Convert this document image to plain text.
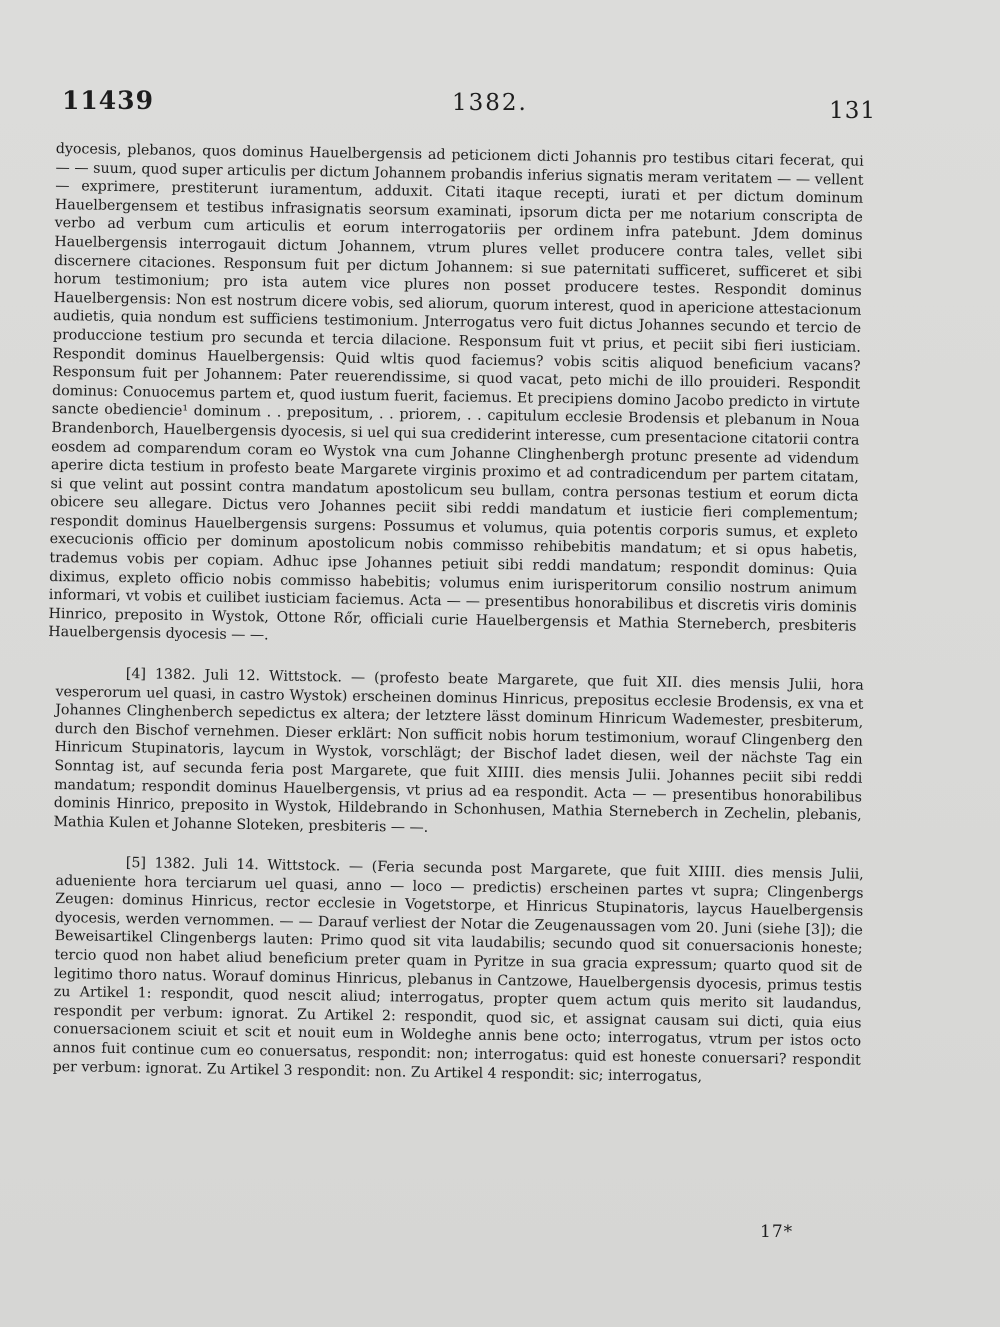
11439	1382.	131

dyocesis, plebanos, quos dominus Hauelbergensis ad peticionem dicti Johannis pro testibus citari fecerat, qui — — suum, quod super articulis per dictum Johannem probandis inferius signatis meram veritatem — — vellent — exprimere, prestiterunt iuramentum, adduxit. Citati itaque recepti, iurati et per dictum dominum Hauelbergensem et testibus infrasignatis seorsum examinati, ipsorum dicta per me notarium conscripta de verbo ad verbum cum articulis et eorum interrogatoriis per ordinem infra patebunt. Jdem dominus Hauelbergensis interrogauit dictum Johannem, vtrum plures vellet producere contra tales, vellet sibi discernere citaciones. Responsum fuit per dictum Johannem: si sue paternitati sufficeret, sufficeret et sibi horum testimonium; pro ista autem vice plures non posset producere testes. Respondit dominus Hauelbergensis: Non est nostrum dicere vobis, sed aliorum, quorum interest, quod in apericione attestacionum audietis, quia nondum est sufficiens testimonium. Jnterrogatus vero fuit dictus Johannes secundo et tercio de produccione testium pro secunda et tercia dilacione. Responsum fuit vt prius, et peciit sibi fieri iusticiam. Respondit dominus Hauelbergensis: Quid wltis quod faciemus? vobis scitis aliquod beneficium vacans? Responsum fuit per Johannem: Pater reuerendissime, si quod vacat, peto michi de illo prouideri. Respondit dominus: Conuocemus partem et, quod iustum fuerit, faciemus. Et precipiens domino Jacobo predicto in virtute sancte obediencie¹ dominum . . prepositum, . . priorem, . . capitulum ecclesie Brodensis et plebanum in Noua Brandenborch, Hauelbergensis dyocesis, si uel qui sua crediderint interesse, cum presentacione citatorii contra eosdem ad comparendum coram eo Wystok vna cum Johanne Clinghenbergh protunc presente ad videndum aperire dicta testium in profesto beate Margarete virginis proximo et ad contradicendum per partem citatam, si que velint aut possint contra mandatum apostolicum seu bullam, contra personas testium et eorum dicta obicere seu allegare. Dictus vero Johannes peciit sibi reddi mandatum et iusticie fieri complementum; respondit dominus Hauelbergensis surgens: Possumus et volumus, quia potentis corporis sumus, et expleto execucionis officio per dominum apostolicum nobis commisso rehibebitis mandatum; et si opus habetis, trademus vobis per copiam. Adhuc ipse Johannes petiuit sibi reddi mandatum; respondit dominus: Quia diximus, expleto officio nobis commisso habebitis; volumus enim iurisperitorum consilio nostrum animum informari, vt vobis et cuilibet iusticiam faciemus. Acta — — presentibus honorabilibus et discretis viris dominis Hinrico, preposito in Wystok, Ottone Rőr, officiali curie Hauelbergensis et Mathia Sterneberch, presbiteris Hauelbergensis dyocesis — —.

[4] 1382. Juli 12. Wittstock. — (profesto beate Margarete, que fuit XII. dies mensis Julii, hora vesperorum uel quasi, in castro Wystok) erscheinen dominus Hinricus, prepositus ecclesie Brodensis, ex vna et Johannes Clinghenberch sepedictus ex altera; der letztere lässt dominum Hinricum Wademester, presbiterum, durch den Bischof vernehmen. Dieser erklärt: Non sufficit nobis horum testimonium, worauf Clingenberg den Hinricum Stupinatoris, laycum in Wystok, vorschlägt; der Bischof ladet diesen, weil der nächste Tag ein Sonntag ist, auf secunda feria post Margarete, que fuit XIIII. dies mensis Julii. Johannes peciit sibi reddi mandatum; respondit dominus Hauelbergensis, vt prius ad ea respondit. Acta — — presentibus honorabilibus dominis Hinrico, preposito in Wystok, Hildebrando in Schonhusen, Mathia Sterneberch in Zechelin, plebanis, Mathia Kulen et Johanne Sloteken, presbiteris — —.

[5] 1382. Juli 14. Wittstock. — (Feria secunda post Margarete, que fuit XIIII. dies mensis Julii, adueniente hora terciarum uel quasi, anno — loco — predictis) erscheinen partes vt supra; Clingenbergs Zeugen: dominus Hinricus, rector ecclesie in Vogetstorpe, et Hinricus Stupinatoris, laycus Hauelbergensis dyocesis, werden vernommen. — — Darauf verliest der Notar die Zeugenaussagen vom 20. Juni (siehe [3]); die Beweisartikel Clingenbergs lauten: Primo quod sit vita laudabilis; secundo quod sit conuersacionis honeste; tercio quod non habet aliud beneficium preter quam in Pyritze in sua gracia expressum; quarto quod sit de legitimo thoro natus. Worauf dominus Hinricus, plebanus in Cantzowe, Hauelbergensis dyocesis, primus testis zu Artikel 1: respondit, quod nescit aliud; interrogatus, propter quem actum quis merito sit laudandus, respondit per verbum: ignorat. Zu Artikel 2: respondit, quod sic, et assignat causam sui dicti, quia eius conuersacionem sciuit et scit et nouit eum in Woldeghe annis bene octo; interrogatus, vtrum per istos octo annos fuit continue cum eo conuersatus, respondit: non; interrogatus: quid est honeste conuersari? respondit per verbum: ignorat. Zu Artikel 3 respondit: non. Zu Artikel 4 respondit: sic; interrogatus,

17*
